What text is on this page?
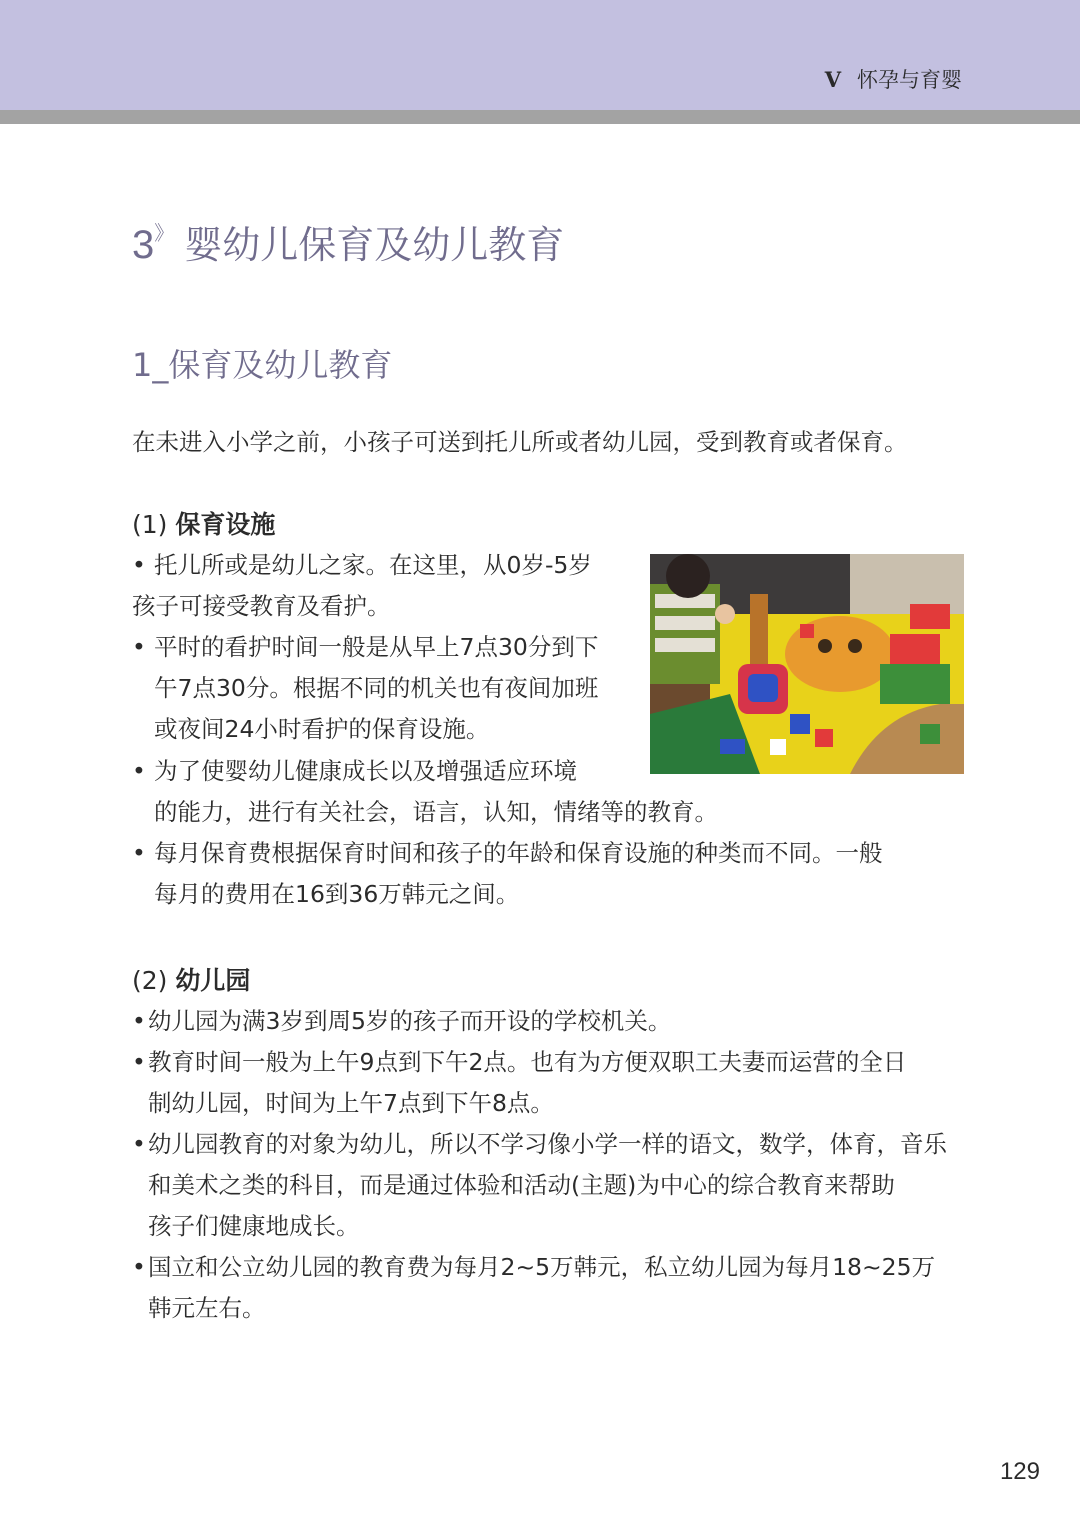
V 怀孕与育婴
3》 婴幼儿保育及幼儿教育
1_保育及幼儿教育
在未进入小学之前，小孩子可送到托儿所或者幼儿园，受到教育或者保育。
(1) 保育设施
• 托儿所或是幼儿之家。在这里，从0岁-5岁
孩子可接受教育及看护。
• 平时的看护时间一般是从早上7点30分到下
午7点30分。根据不同的机关也有夜间加班
或夜间24小时看护的保育设施。
• 为了使婴幼儿健康成长以及增强适应环境
的能力，进行有关社会，语言，认知，情绪等的教育。
• 每月保育费根据保育时间和孩子的年龄和保育设施的种类而不同。一般
每月的费用在16到36万韩元之间。
(2) 幼儿园
•幼儿园为满3岁到周5岁的孩子而开设的学校机关。
•教育时间一般为上午9点到下午2点。也有为方便双职工夫妻而运营的全日
制幼儿园，时间为上午7点到下午8点。
•幼儿园教育的对象为幼儿，所以不学习像小学一样的语文，数学，体育，音乐
和美术之类的科目，而是通过体验和活动(主题)为中心的综合教育来帮助
孩子们健康地成长。
•国立和公立幼儿园的教育费为每月2~5万韩元，私立幼儿园为每月18~25万
韩元左右。
129
